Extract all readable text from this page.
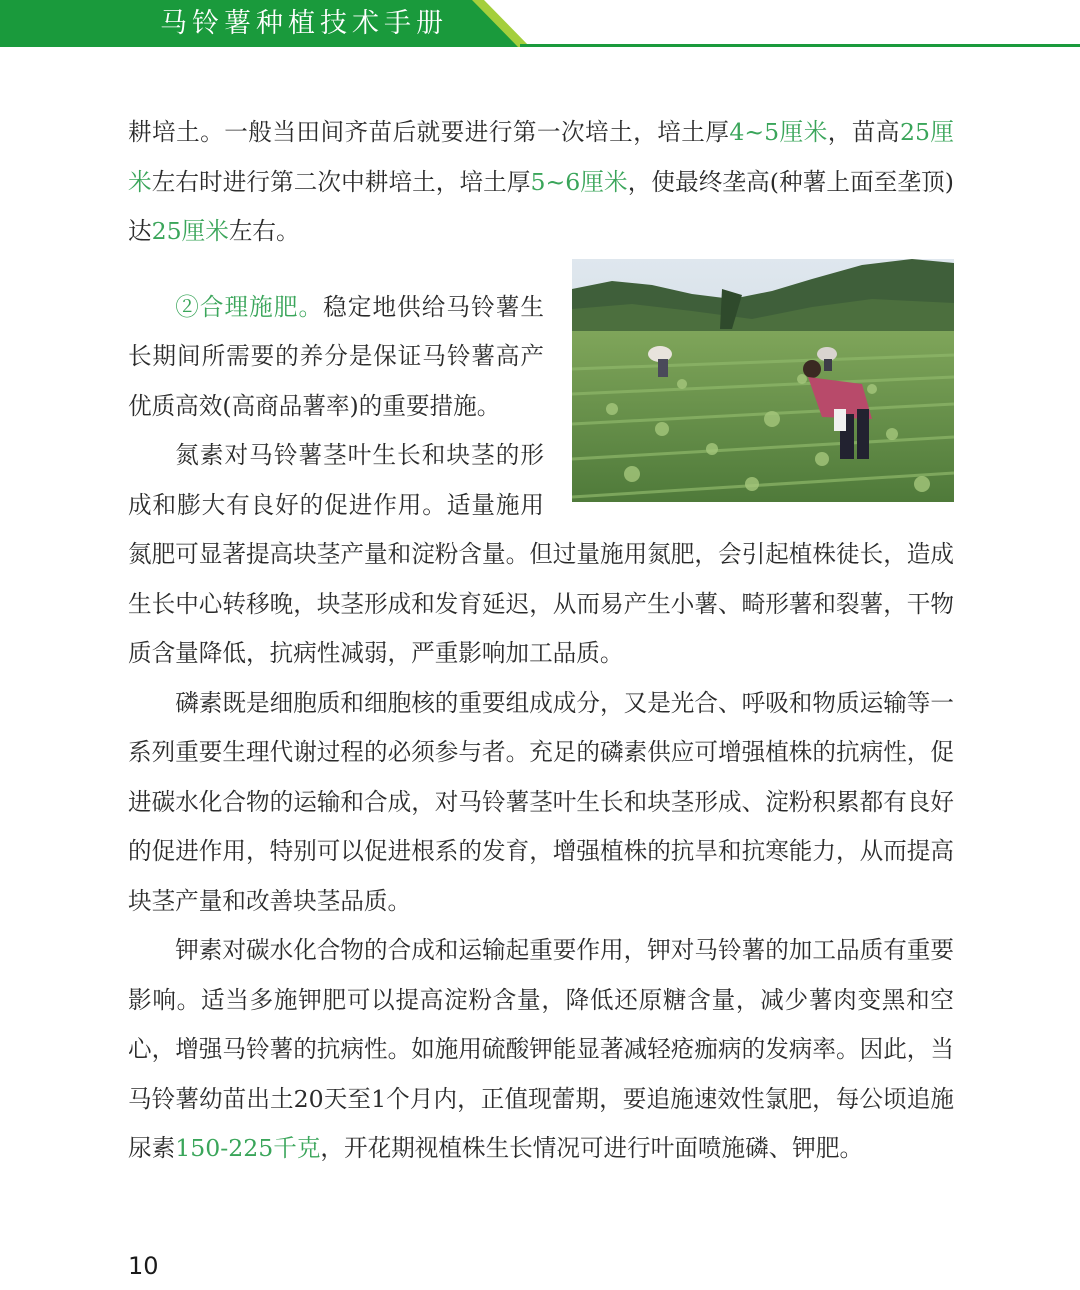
马铃薯种植技术手册

耕培土。一般当田间齐苗后就要进行第一次培土，培土厚4~5厘米，苗高25厘米左右时进行第二次中耕培土，培土厚5~6厘米，使最终垄高(种薯上面至垄顶)达25厘米左右。

②合理施肥。稳定地供给马铃薯生长期间所需要的养分是保证马铃薯高产优质高效(高商品薯率)的重要措施。

氮素对马铃薯茎叶生长和块茎的形成和膨大有良好的促进作用。适量施用氮肥可显著提高块茎产量和淀粉含量。但过量施用氮肥，会引起植株徒长，造成生长中心转移晚，块茎形成和发育延迟，从而易产生小薯、畸形薯和裂薯，干物质含量降低，抗病性减弱，严重影响加工品质。

磷素既是细胞质和细胞核的重要组成成分，又是光合、呼吸和物质运输等一系列重要生理代谢过程的必须参与者。充足的磷素供应可增强植株的抗病性，促进碳水化合物的运输和合成，对马铃薯茎叶生长和块茎形成、淀粉积累都有良好的促进作用，特别可以促进根系的发育，增强植株的抗旱和抗寒能力，从而提高块茎产量和改善块茎品质。

钾素对碳水化合物的合成和运输起重要作用，钾对马铃薯的加工品质有重要影响。适当多施钾肥可以提高淀粉含量，降低还原糖含量，减少薯肉变黑和空心，增强马铃薯的抗病性。如施用硫酸钾能显著减轻疮痂病的发病率。因此，当马铃薯幼苗出土20天至1个月内，正值现蕾期，要追施速效性氯肥，每公顷追施尿素150-225千克，开花期视植株生长情况可进行叶面喷施磷、钾肥。

10
